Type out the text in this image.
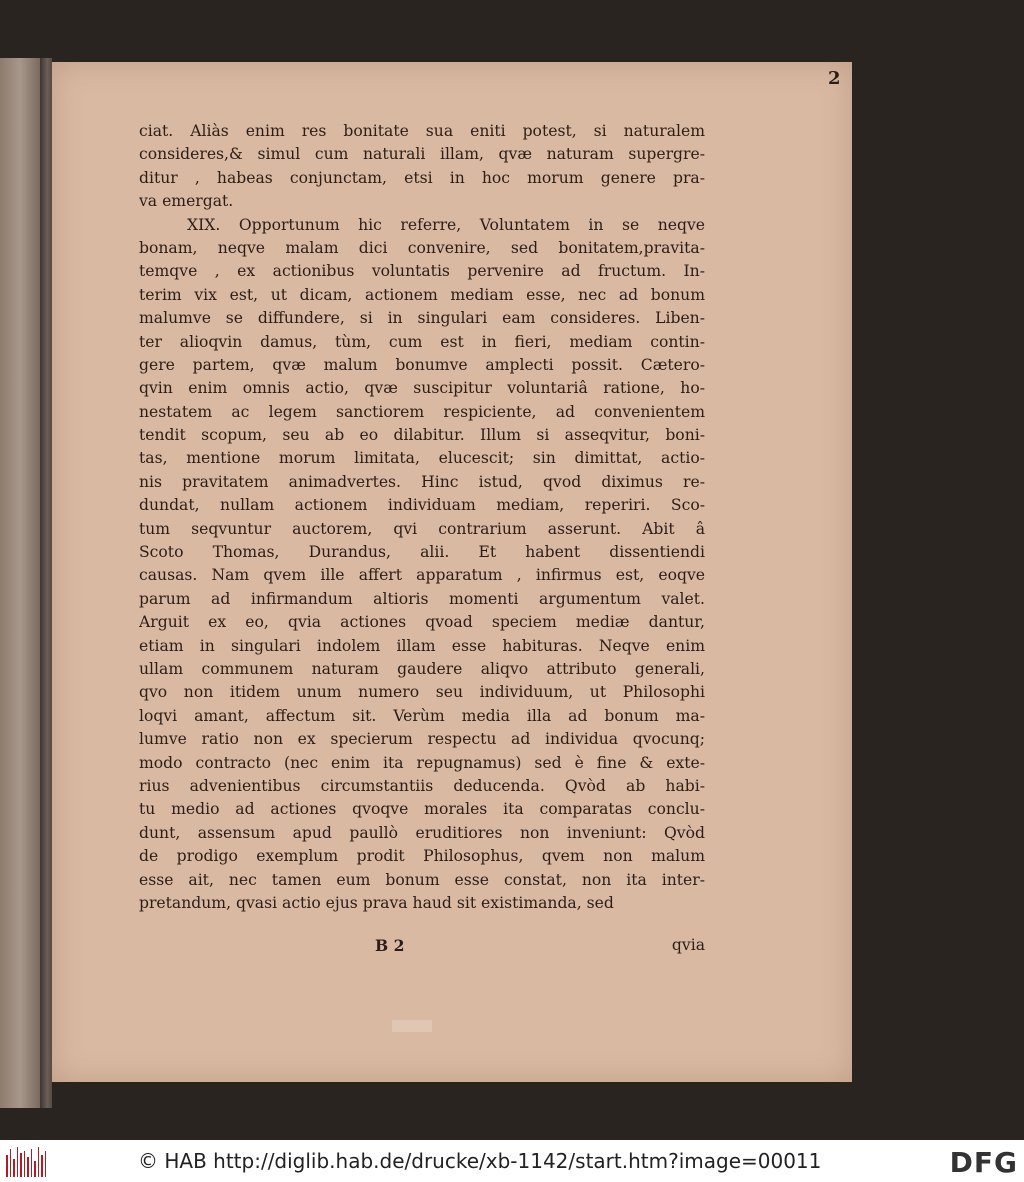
2
ciat. Aliàs enim res bonitate sua eniti potest, si naturalem
consideres,& simul cum naturali illam, qvæ naturam supergre-
ditur , habeas conjunctam, etsi in hoc morum genere pra-
va emergat.
XIX. Opportunum hic referre, Voluntatem in se neqve
bonam, neqve malam dici convenire, sed bonitatem,pravita-
temqve , ex actionibus voluntatis pervenire ad fructum. In-
terim vix est, ut dicam, actionem mediam esse, nec ad bonum
malumve se diffundere, si in singulari eam consideres. Liben-
ter alioqvin damus, tùm, cum est in fieri, mediam contin-
gere partem, qvæ malum bonumve amplecti possit. Cætero-
qvin enim omnis actio, qvæ suscipitur voluntariâ ratione, ho-
nestatem ac legem sanctiorem respiciente, ad convenientem
tendit scopum, seu ab eo dilabitur. Illum si asseqvitur, boni-
tas, mentione morum limitata, elucescit; sin dimittat, actio-
nis pravitatem animadvertes. Hinc istud, qvod diximus re-
dundat, nullam actionem individuam mediam, reperiri. Sco-
tum seqvuntur auctorem, qvi contrarium asserunt. Abit â
Scoto Thomas, Durandus, alii. Et habent dissentiendi
causas. Nam qvem ille affert apparatum , infirmus est, eoqve
parum ad infirmandum altioris momenti argumentum valet.
Arguit ex eo, qvia actiones qvoad speciem mediæ dantur,
etiam in singulari indolem illam esse habituras. Neqve enim
ullam communem naturam gaudere aliqvo attributo generali,
qvo non itidem unum numero seu individuum, ut Philosophi
loqvi amant, affectum sit. Verùm media illa ad bonum ma-
lumve ratio non ex specierum respectu ad individua qvocunq;
modo contracto (nec enim ita repugnamus) sed è fine & exte-
rius advenientibus circumstantiis deducenda. Qvòd ab habi-
tu medio ad actiones qvoqve morales ita comparatas conclu-
dunt, assensum apud paullò eruditiores non inveniunt: Qvòd
de prodigo exemplum prodit Philosophus, qvem non malum
esse ait, nec tamen eum bonum esse constat, non ita inter-
pretandum, qvasi actio ejus prava haud sit existimanda, sed
B 2	qvia
© HAB http://diglib.hab.de/drucke/xb-1142/start.htm?image=00011	DFG
